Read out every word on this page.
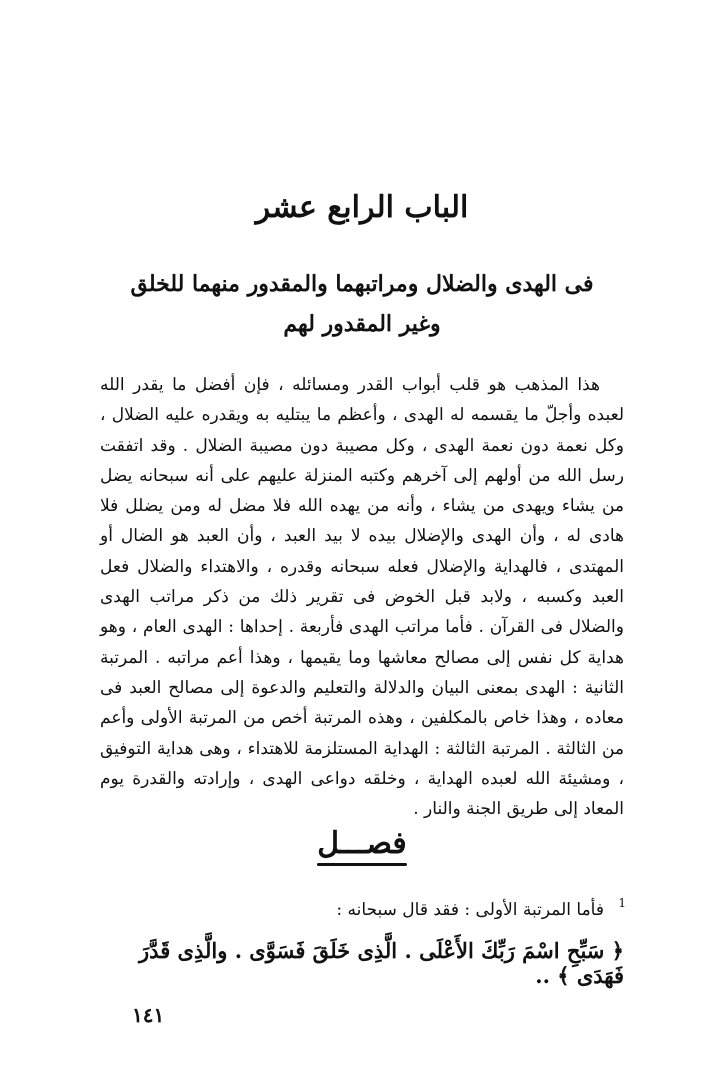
الباب الرابع عشر
فى الهدى والضلال ومراتبهما والمقدور منهما للخلق وغير المقدور لهم

هذا المذهب هو قلب أبواب القدر ومسائله ، فإن أفضل ما يقدر الله لعبده وأجلّ ما يقسمه له الهدى ، وأعظم ما يبتليه به ويقدره عليه الضلال ، وكل نعمة دون نعمة الهدى ، وكل مصيبة دون مصيبة الضلال . وقد اتفقت رسل الله من أولهم إلى آخرهم وكتبه المنزلة عليهم على أنه سبحانه يضل من يشاء ويهدى من يشاء ، وأنه من يهده الله فلا مضل له ومن يضلل فلا هادى له ، وأن الهدى والإضلال بيده لا بيد العبد ، وأن العبد هو الضال أو المهتدى ، فالهداية والإضلال فعله سبحانه وقدره ، والاهتداء والضلال فعل العبد وكسبه ، ولابد قبل الخوض فى تقرير ذلك من ذكر مراتب الهدى والضلال فى القرآن . فأما مراتب الهدى فأربعة . إحداها : الهدى العام ، وهو هداية كل نفس إلى مصالح معاشها وما يقيمها ، وهذا أعم مراتبه . المرتبة الثانية : الهدى بمعنى البيان والدلالة والتعليم والدعوة إلى مصالح العبد فى معاده ، وهذا خاص بالمكلفين ، وهذه المرتبة أخص من المرتبة الأولى وأعم من الثالثة . المرتبة الثالثة : الهداية المستلزمة للاهتداء ، وهى هداية التوفيق ، ومشيئة الله لعبده الهداية ، وخلقه دواعى الهدى ، وإرادته والقدرة يوم المعاد إلى طريق الجنة والنار .

فصـــل
1
فأما المرتبة الأولى : فقد قال سبحانه :
﴿ سَبِّحِ اسْمَ رَبِّكَ الأَعْلَى . الَّذِى خَلَقَ فَسَوَّى . والَّذِى قَدَّرَ فَهَدَى ﴾ ..
١٤١
